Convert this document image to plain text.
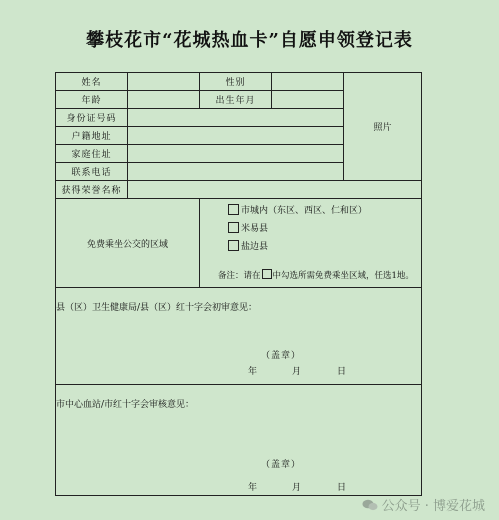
攀枝花市“花城热血卡”自愿申领登记表
姓名		性别		照片
年龄		出生年月		
身份证号码				
户籍地址				
家庭住址				
联系电话				
获得荣誉名称				
免费乘坐公交的区域		市城内（东区、西区、仁和区）
米易县
盐边县
备注：请在 中勾选所需免费乘坐区域，任选1地。		

县（区）卫生健康局/县（区）红十字会初审意见：
（盖章）
年 月 日				

市中心血站/市红十字会审核意见：
（盖章）
年 月 日				
公众号 · 博爱花城
